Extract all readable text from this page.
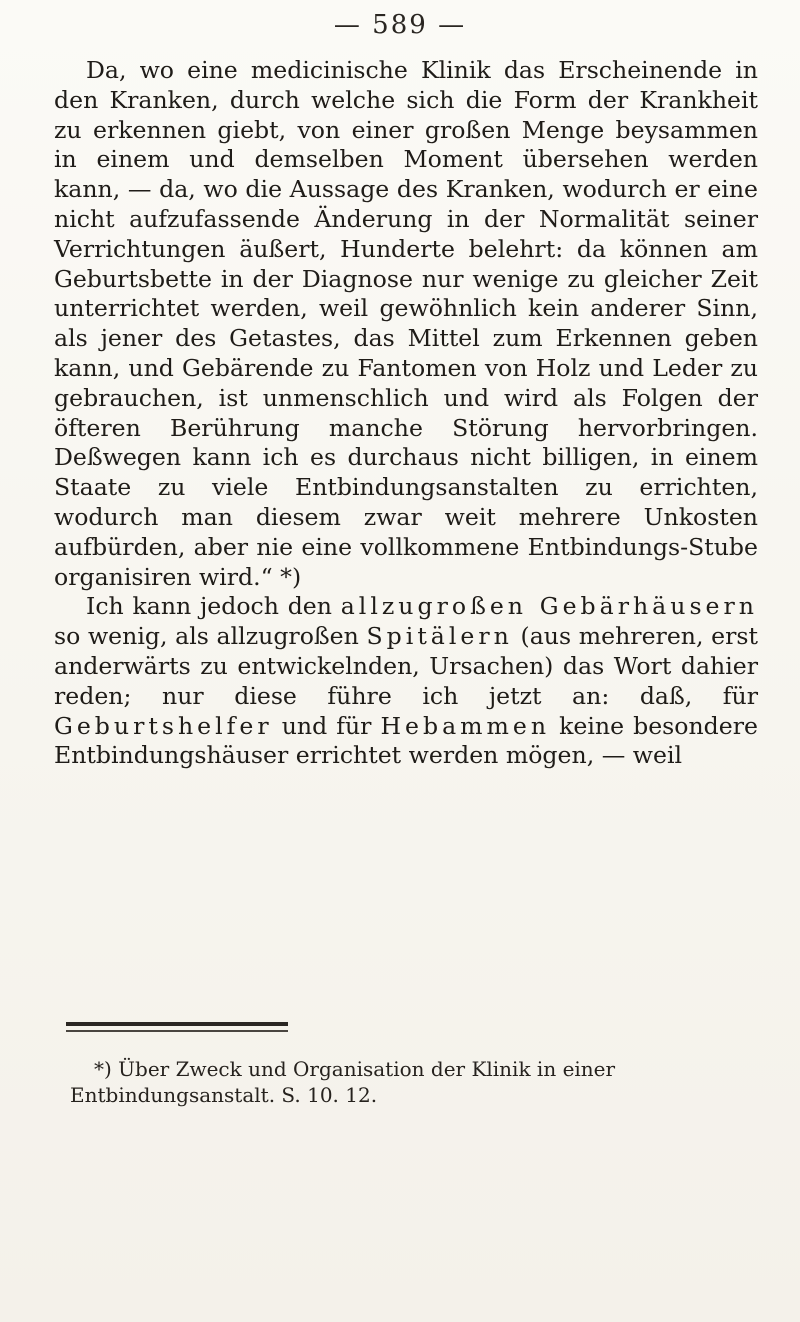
— 589 —

Da, wo eine medicinische Klinik das Erscheinende in den Kranken, durch welche sich die Form der Krankheit zu erkennen giebt, von einer großen Menge beysammen in einem und demselben Moment übersehen werden kann, — da, wo die Aussage des Kranken, wodurch er eine nicht aufzufassende Änderung in der Normalität seiner Verrichtungen äußert, Hunderte belehrt: da können am Geburtsbette in der Diagnose nur wenige zu gleicher Zeit unterrichtet werden, weil gewöhnlich kein anderer Sinn, als jener des Getastes, das Mittel zum Erkennen geben kann, und Gebärende zu Fantomen von Holz und Leder zu gebrauchen, ist unmenschlich und wird als Folgen der öfteren Berührung manche Störung hervorbringen. Deßwegen kann ich es durchaus nicht billigen, in einem Staate zu viele Entbindungsanstalten zu errichten, wodurch man diesem zwar weit mehrere Unkosten aufbürden, aber nie eine vollkommene Entbindungs-Stube organisiren wird.“ *)

Ich kann jedoch den allzugroßen Gebärhäusern so wenig, als allzugroßen Spitälern (aus mehreren, erst anderwärts zu entwickelnden, Ursachen) das Wort dahier reden; nur diese führe ich jetzt an: daß, für Geburtshelfer und für Hebammen keine besondere Entbindungshäuser errichtet werden mögen, — weil

*) Über Zweck und Organisation der Klinik in einer Entbindungsanstalt. S. 10. 12.
